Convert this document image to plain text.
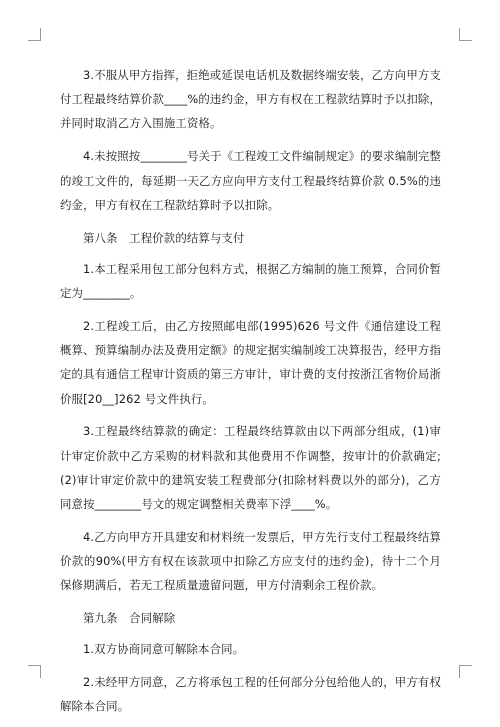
3.不服从甲方指挥，拒绝或延误电话机及数据终端安装，乙方向甲方支付工程最终结算价款____%的违约金，甲方有权在工程款结算时予以扣除，并同时取消乙方入围施工资格。

4.未按照按________号关于《工程竣工文件编制规定》的要求编制完整的竣工文件的，每延期一天乙方应向甲方支付工程最终结算价款 0.5%的违约金，甲方有权在工程款结算时予以扣除。

第八条　工程价款的结算与支付

1.本工程采用包工部分包料方式，根据乙方编制的施工预算，合同价暂定为________。

2.工程竣工后，由乙方按照邮电部(1995)626 号文件《通信建设工程概算、预算编制办法及费用定额》的规定据实编制竣工决算报告，经甲方指定的具有通信工程审计资质的第三方审计，审计费的支付按浙江省物价局浙价服[20__]262 号文件执行。

3.工程最终结算款的确定：工程最终结算款由以下两部分组成，(1)审计审定价款中乙方采购的材料款和其他费用不作调整，按审计的价款确定;(2)审计审定价款中的建筑安装工程费部分(扣除材料费以外的部分)，乙方同意按________号文的规定调整相关费率下浮____%。

4.乙方向甲方开具建安和材料统一发票后，甲方先行支付工程最终结算价款的90%(甲方有权在该款项中扣除乙方应支付的违约金)，待十二个月保修期满后，若无工程质量遗留问题，甲方付清剩余工程价款。

第九条　合同解除

1.双方协商同意可解除本合同。

2.未经甲方同意，乙方将承包工程的任何部分分包给他人的，甲方有权解除本合同。
